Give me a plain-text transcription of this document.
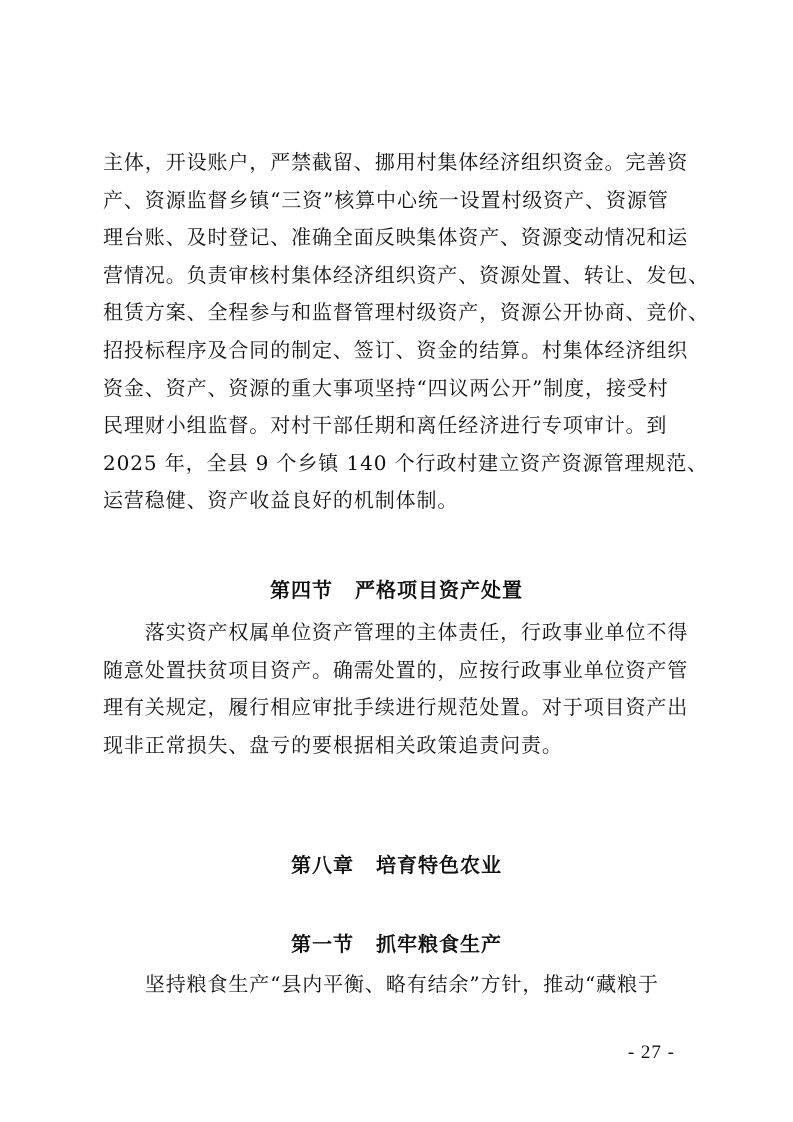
主体，开设账户，严禁截留、挪用村集体经济组织资金。完善资
产、资源监督乡镇“三资”核算中心统一设置村级资产、资源管
理台账、及时登记、准确全面反映集体资产、资源变动情况和运
营情况。负责审核村集体经济组织资产、资源处置、转让、发包、
租赁方案、全程参与和监督管理村级资产，资源公开协商、竞价、
招投标程序及合同的制定、签订、资金的结算。村集体经济组织
资金、资产、资源的重大事项坚持“四议两公开”制度，接受村
民理财小组监督。对村干部任期和离任经济进行专项审计。到
2025 年，全县 9 个乡镇 140 个行政村建立资产资源管理规范、
运营稳健、资产收益良好的机制体制。
第四节 严格项目资产处置
　　落实资产权属单位资产管理的主体责任，行政事业单位不得
随意处置扶贫项目资产。确需处置的，应按行政事业单位资产管
理有关规定，履行相应审批手续进行规范处置。对于项目资产出
现非正常损失、盘亏的要根据相关政策追责问责。
第八章 培育特色农业
第一节 抓牢粮食生产
　　坚持粮食生产“县内平衡、略有结余”方针，推动“藏粮于
- 27 -
